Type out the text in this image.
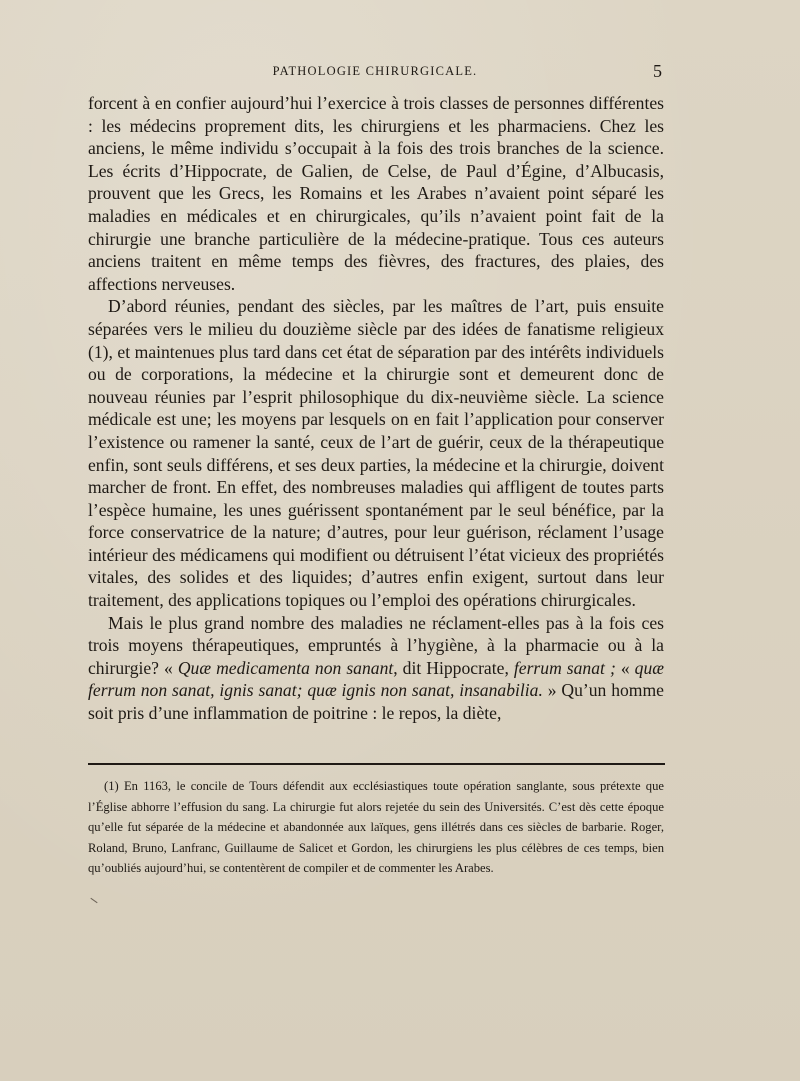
PATHOLOGIE CHIRURGICALE.	5

forcent à en confier aujourd’hui l’exercice à trois classes de personnes différentes : les médecins proprement dits, les chirurgiens et les pharmaciens. Chez les anciens, le même individu s’occupait à la fois des trois branches de la science. Les écrits d’Hippocrate, de Galien, de Celse, de Paul d’Égine, d’Albucasis, prouvent que les Grecs, les Romains et les Arabes n’avaient point séparé les maladies en médicales et en chirurgicales, qu’ils n’avaient point fait de la chirurgie une branche particulière de la médecine-pratique. Tous ces auteurs anciens traitent en même temps des fièvres, des fractures, des plaies, des affections nerveuses.

D’abord réunies, pendant des siècles, par les maîtres de l’art, puis ensuite séparées vers le milieu du douzième siècle par des idées de fanatisme religieux (1), et maintenues plus tard dans cet état de séparation par des intérêts individuels ou de corporations, la médecine et la chirurgie sont et demeurent donc de nouveau réunies par l’esprit philosophique du dix-neuvième siècle. La science médicale est une; les moyens par lesquels on en fait l’application pour conserver l’existence ou ramener la santé, ceux de l’art de guérir, ceux de la thérapeutique enfin, sont seuls différens, et ses deux parties, la médecine et la chirurgie, doivent marcher de front. En effet, des nombreuses maladies qui affligent de toutes parts l’espèce humaine, les unes guérissent spontanément par le seul bénéfice, par la force conservatrice de la nature; d’autres, pour leur guérison, réclament l’usage intérieur des médicamens qui modifient ou détruisent l’état vicieux des propriétés vitales, des solides et des liquides; d’autres enfin exigent, surtout dans leur traitement, des applications topiques ou l’emploi des opérations chirurgicales.

Mais le plus grand nombre des maladies ne réclament-elles pas à la fois ces trois moyens thérapeutiques, empruntés à l’hygiène, à la pharmacie ou à la chirurgie? « Quæ medicamenta non sanant, dit Hippocrate, ferrum sanat ; « quæ ferrum non sanat, ignis sanat; quæ ignis non sanat, insanabilia. » Qu’un homme soit pris d’une inflammation de poitrine : le repos, la diète,

(1) En 1163, le concile de Tours défendit aux ecclésiastiques toute opération sanglante, sous prétexte que l’Église abhorre l’effusion du sang. La chirurgie fut alors rejetée du sein des Universités. C’est dès cette époque qu’elle fut séparée de la médecine et abandonnée aux laïques, gens illétrés dans ces siècles de barbarie. Roger, Roland, Bruno, Lanfranc, Guillaume de Salicet et Gordon, les chirurgiens les plus célèbres de ces temps, bien qu’oubliés aujourd’hui, se contentèrent de compiler et de commenter les Arabes.
